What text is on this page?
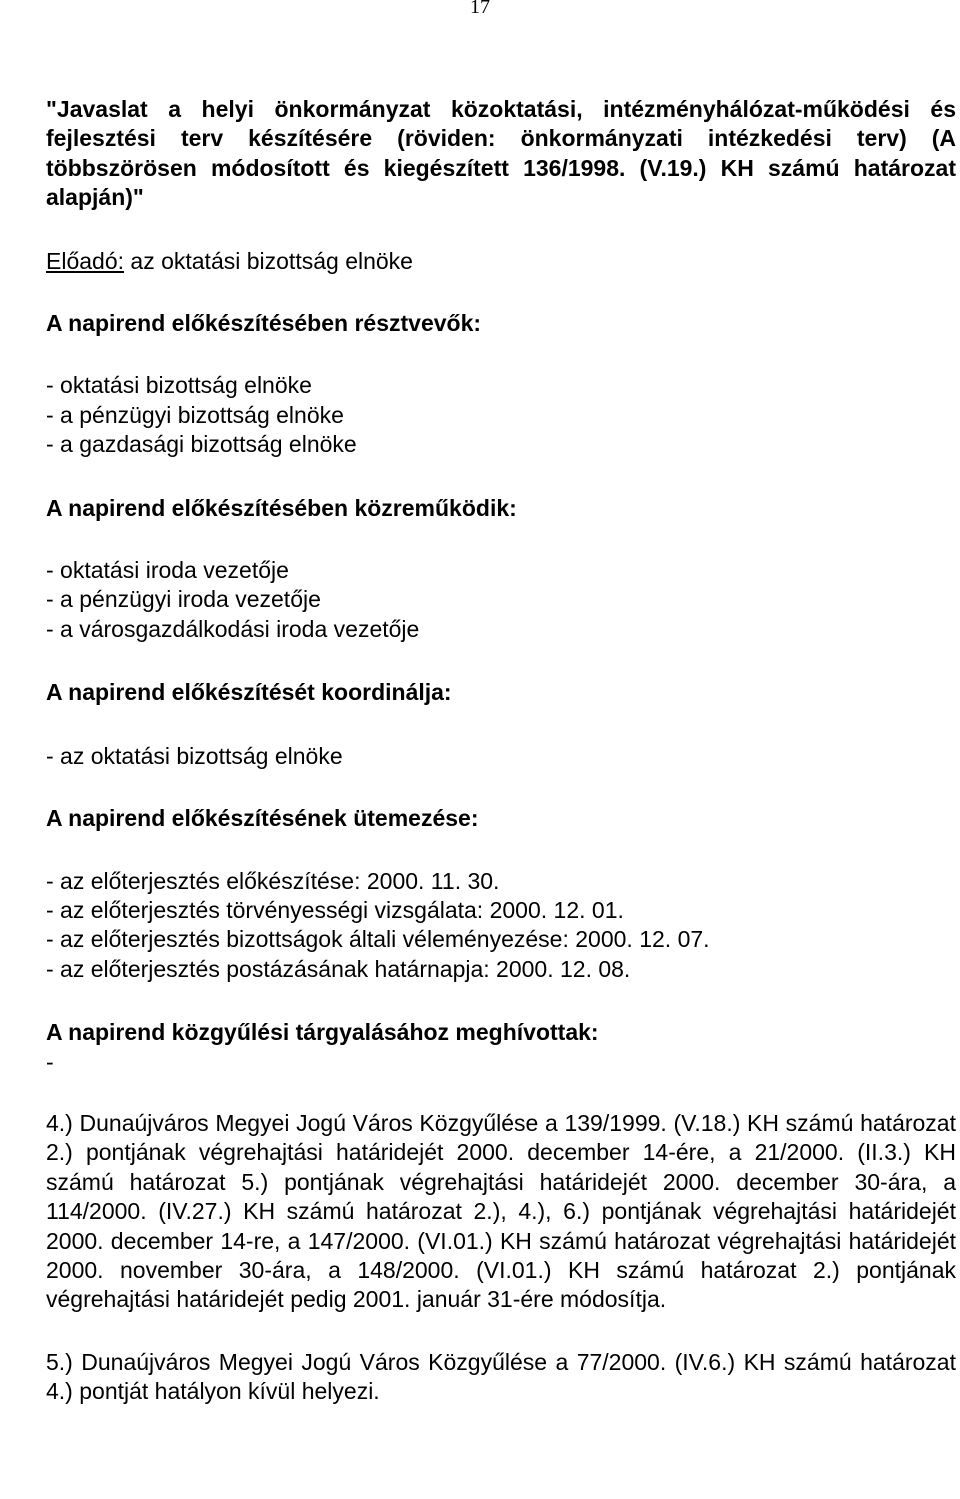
17

"Javaslat a helyi önkormányzat közoktatási, intézményhálózat-működési és fejlesztési terv készítésére (röviden: önkormányzati intézkedési terv) (A többszörösen módosított és kiegészített 136/1998. (V.19.) KH számú határozat alapján)"

Előadó: az oktatási bizottság elnöke

A napirend előkészítésében résztvevők:

- oktatási bizottság elnöke

- a pénzügyi bizottság elnöke

- a gazdasági bizottság elnöke

A napirend előkészítésében közreműködik:

- oktatási iroda vezetője

- a pénzügyi iroda vezetője

- a városgazdálkodási iroda vezetője

A napirend előkészítését koordinálja:

- az oktatási bizottság elnöke

A napirend előkészítésének ütemezése:

- az előterjesztés előkészítése: 2000. 11. 30.

- az előterjesztés törvényességi vizsgálata: 2000. 12. 01.

- az előterjesztés bizottságok általi véleményezése: 2000. 12. 07.

- az előterjesztés postázásának határnapja: 2000. 12. 08.

A napirend közgyűlési tárgyalásához meghívottak:

-

4.) Dunaújváros Megyei Jogú Város Közgyűlése a 139/1999. (V.18.) KH számú határozat 2.) pontjának végrehajtási határidejét 2000. december 14-ére, a 21/2000. (II.3.) KH számú határozat 5.) pontjának végrehajtási határidejét 2000. december 30-ára, a 114/2000. (IV.27.) KH számú határozat 2.), 4.), 6.) pontjának végrehajtási határidejét 2000. december 14-re, a 147/2000. (VI.01.) KH számú határozat végrehajtási határidejét 2000. november 30-ára, a 148/2000. (VI.01.) KH számú határozat 2.) pontjának végrehajtási határidejét pedig 2001. január 31-ére módosítja.

5.) Dunaújváros Megyei Jogú Város Közgyűlése a 77/2000. (IV.6.) KH számú határozat 4.) pontját hatályon kívül helyezi.
